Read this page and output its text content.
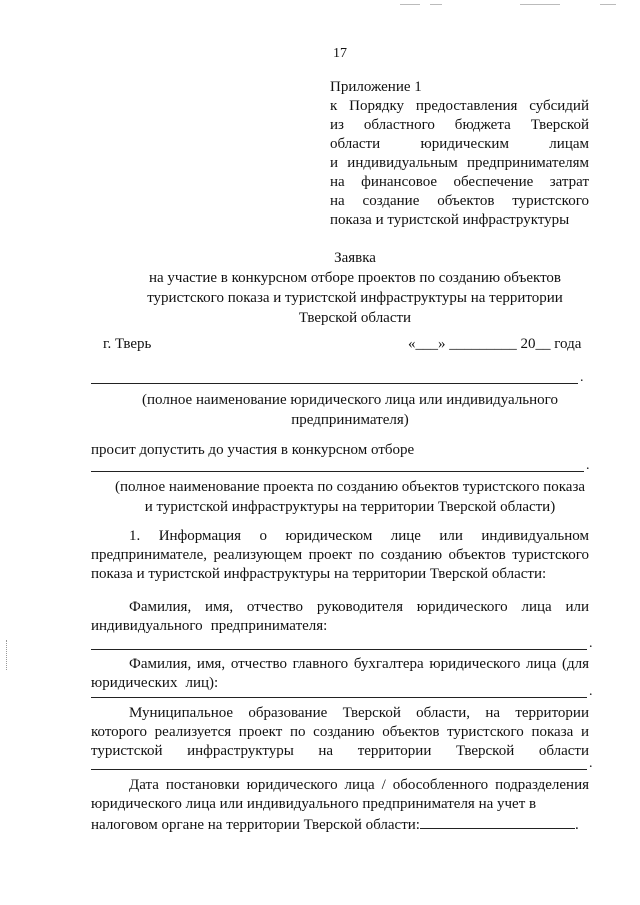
17
Приложение 1
к Порядку предоставления субсидий
из областного бюджета Тверской
области юридическим лицам
и индивидуальным предпринимателям
на финансовое обеспечение затрат
на создание объектов туристского
показа и туристской инфраструктуры
Заявка
на участие в конкурсном отборе проектов по созданию объектов
туристского показа и туристской инфраструктуры на территории
Тверской области
г. Тверь	«___» _________ 20__ года
.
(полное наименование юридического лица или индивидуального
предпринимателя)
просит допустить до участия в конкурсном отборе
.
(полное наименование проекта по созданию объектов туристского показа
и туристской инфраструктуры на территории Тверской области)
1. Информация о юридическом лице или индивидуальном
предпринимателе, реализующем проект по созданию объектов туристского
показа и туристской инфраструктуры на территории Тверской области:
Фамилия, имя, отчество руководителя юридического лица или
индивидуального предпринимателя:
.
Фамилия, имя, отчество главного бухгалтера юридического лица (для
юридических лиц):
.
Муниципальное образование Тверской области, на территории
которого реализуется проект по созданию объектов туристского показа и
туристской инфраструктуры на территории Тверской области
.
Дата постановки юридического лица / обособленного подразделения
юридического лица или индивидуального предпринимателя на учет в
налоговом органе на территории Тверской области:	.
